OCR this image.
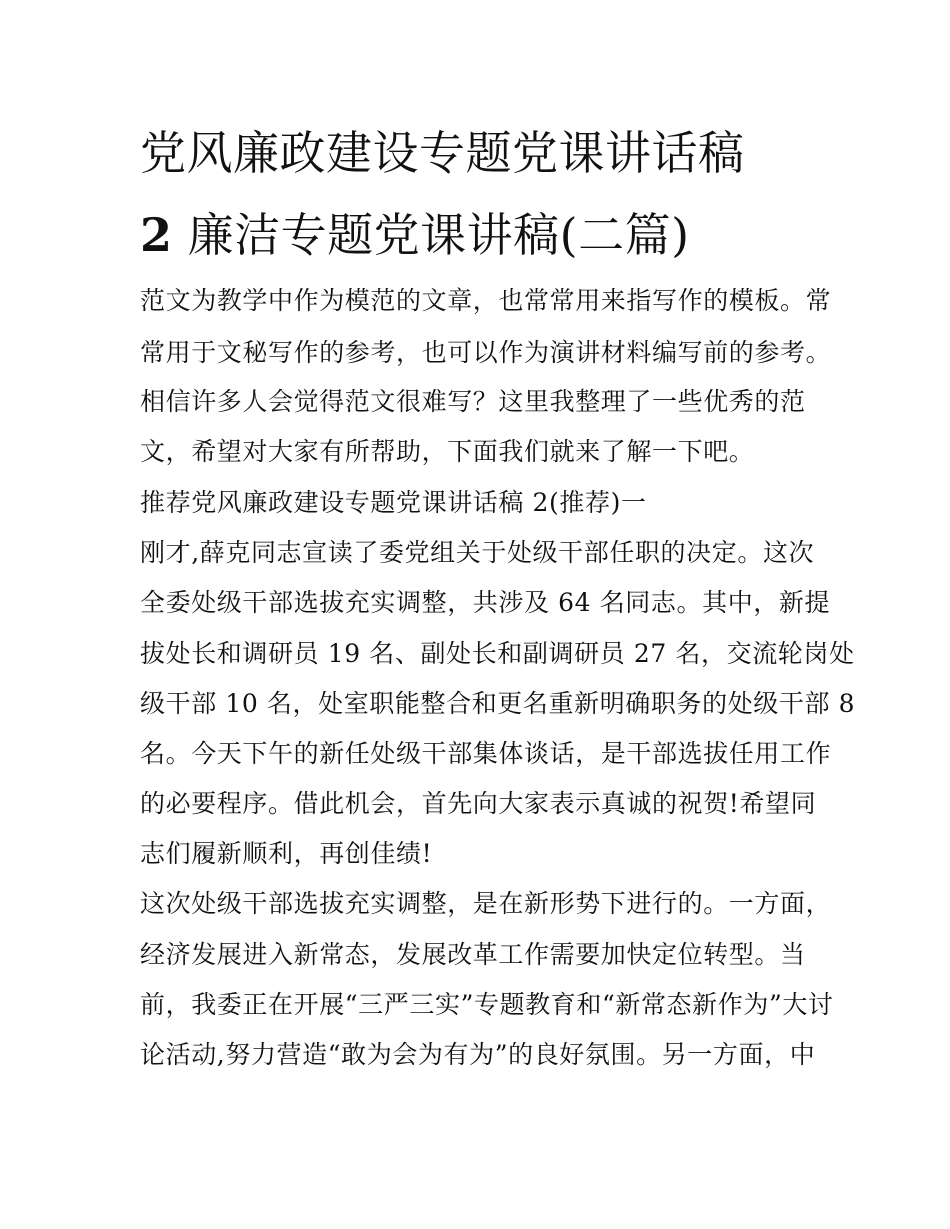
党风廉政建设专题党课讲话稿
2 廉洁专题党课讲稿(二篇)

范文为教学中作为模范的文章，也常常用来指写作的模板。常

常用于文秘写作的参考，也可以作为演讲材料编写前的参考。

相信许多人会觉得范文很难写？这里我整理了一些优秀的范

文，希望对大家有所帮助，下面我们就来了解一下吧。

推荐党风廉政建设专题党课讲话稿 2(推荐)一

刚才,薛克同志宣读了委党组关于处级干部任职的决定。这次

全委处级干部选拔充实调整，共涉及 64 名同志。其中，新提

拔处长和调研员 19 名、副处长和副调研员 27 名，交流轮岗处

级干部 10 名，处室职能整合和更名重新明确职务的处级干部 8

名。今天下午的新任处级干部集体谈话，是干部选拔任用工作

的必要程序。借此机会，首先向大家表示真诚的祝贺!希望同

志们履新顺利，再创佳绩!

这次处级干部选拔充实调整，是在新形势下进行的。一方面，

经济发展进入新常态，发展改革工作需要加快定位转型。当

前，我委正在开展“三严三实”专题教育和“新常态新作为”大讨

论活动,努力营造“敢为会为有为”的良好氛围。另一方面，中
